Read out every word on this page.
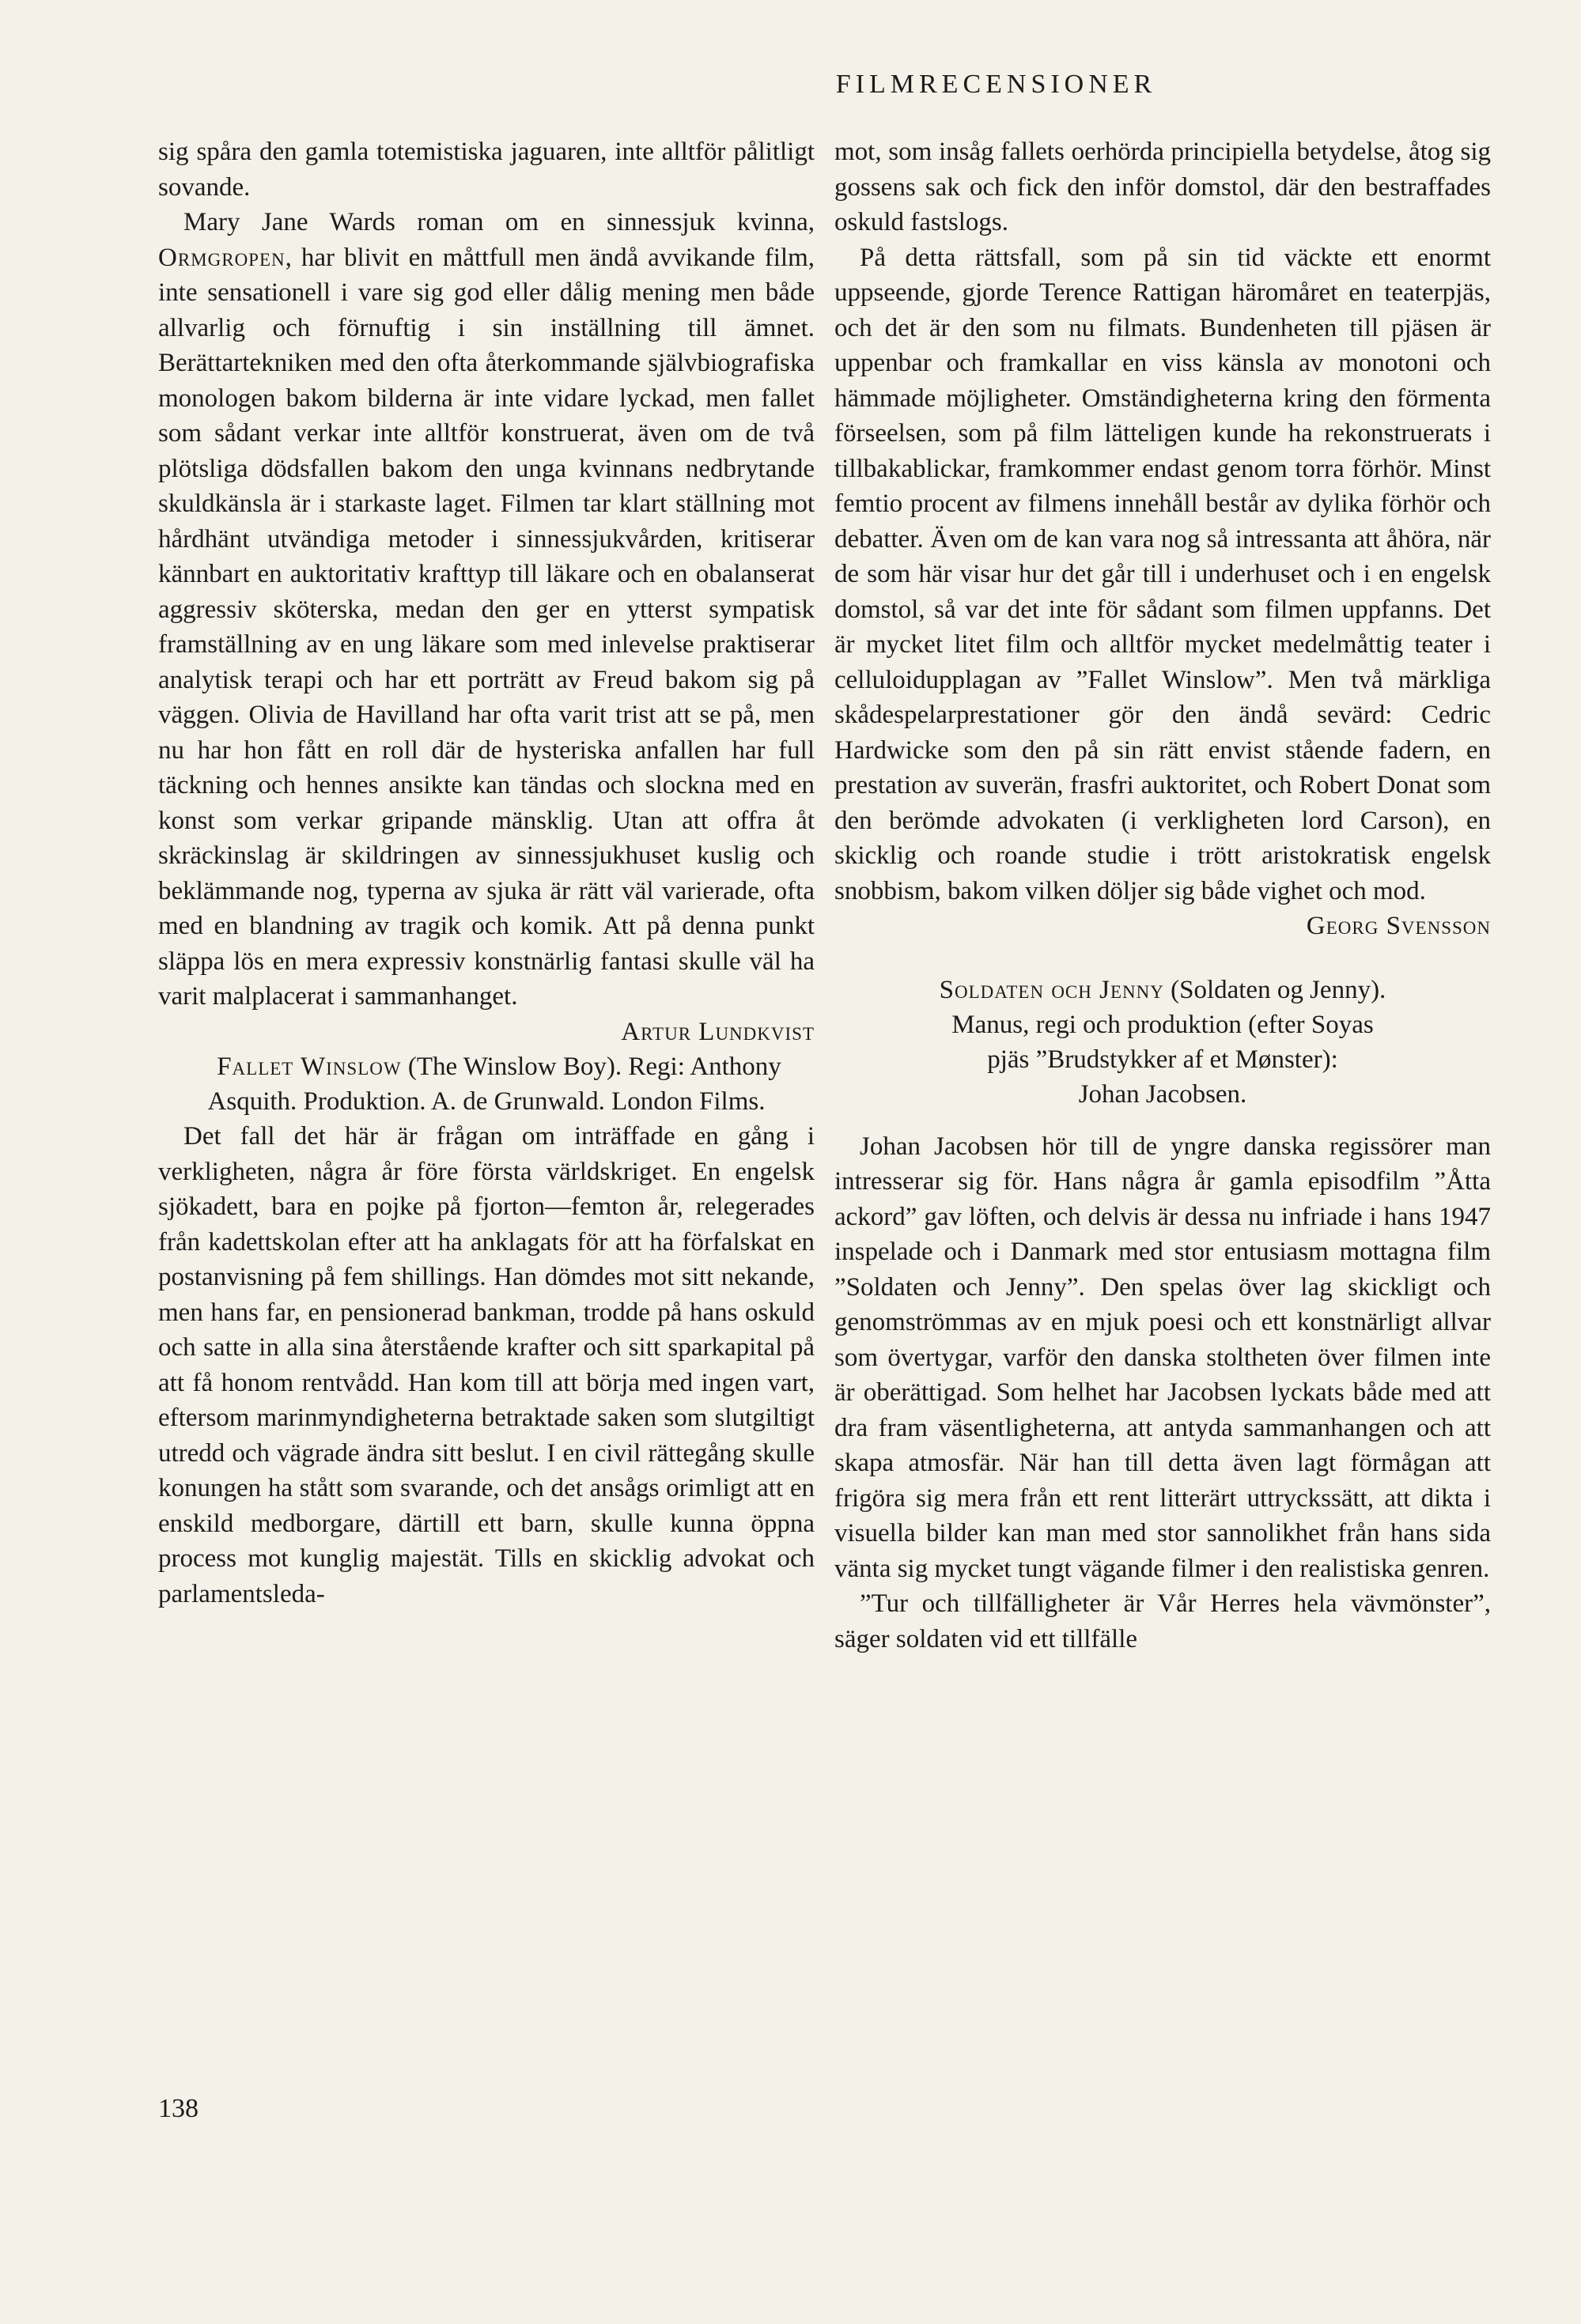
FILMRECENSIONER

sig spåra den gamla totemistiska jaguaren, inte alltför pålitligt sovande.

Mary Jane Wards roman om en sinnessjuk kvinna, Ormgropen, har blivit en måttfull men ändå avvikande film, inte sensationell i vare sig god eller dålig mening men både allvarlig och förnuftig i sin inställning till ämnet. Berättartekniken med den ofta återkommande självbiografiska monologen bakom bilderna är inte vidare lyckad, men fallet som sådant verkar inte alltför konstruerat, även om de två plötsliga dödsfallen bakom den unga kvinnans nedbrytande skuldkänsla är i starkaste laget. Filmen tar klart ställning mot hårdhänt utvändiga metoder i sinnessjukvården, kritiserar kännbart en auktoritativ krafttyp till läkare och en obalanserat aggressiv sköterska, medan den ger en ytterst sympatisk framställning av en ung läkare som med inlevelse praktiserar analytisk terapi och har ett porträtt av Freud bakom sig på väggen. Olivia de Havilland har ofta varit trist att se på, men nu har hon fått en roll där de hysteriska anfallen har full täckning och hennes ansikte kan tändas och slockna med en konst som verkar gripande mänsklig. Utan att offra åt skräckinslag är skildringen av sinnessjukhuset kuslig och beklämmande nog, typerna av sjuka är rätt väl varierade, ofta med en blandning av tragik och komik. Att på denna punkt släppa lös en mera expressiv konstnärlig fantasi skulle väl ha varit malplacerat i sammanhanget.

Artur Lundkvist

Fallet Winslow (The Winslow Boy). Regi: Anthony Asquith. Produktion. A. de Grunwald. London Films.

Det fall det här är frågan om inträffade en gång i verkligheten, några år före första världskriget. En engelsk sjökadett, bara en pojke på fjorton—femton år, relegerades från kadettskolan efter att ha anklagats för att ha förfalskat en postanvisning på fem shillings. Han dömdes mot sitt nekande, men hans far, en pensionerad bankman, trodde på hans oskuld och satte in alla sina återstående krafter och sitt sparkapital på att få honom rentvådd. Han kom till att börja med ingen vart, eftersom marinmyndigheterna betraktade saken som slutgiltigt utredd och vägrade ändra sitt beslut. I en civil rättegång skulle konungen ha stått som svarande, och det ansågs orimligt att en enskild medborgare, därtill ett barn, skulle kunna öppna process mot kunglig majestät. Tills en skicklig advokat och parlamentsleda-

mot, som insåg fallets oerhörda principiella betydelse, åtog sig gossens sak och fick den inför domstol, där den bestraffades oskuld fastslogs.

På detta rättsfall, som på sin tid väckte ett enormt uppseende, gjorde Terence Rattigan häromåret en teaterpjäs, och det är den som nu filmats. Bundenheten till pjäsen är uppenbar och framkallar en viss känsla av monotoni och hämmade möjligheter. Omständigheterna kring den förmenta förseelsen, som på film lätteligen kunde ha rekonstruerats i tillbakablickar, framkommer endast genom torra förhör. Minst femtio procent av filmens innehåll består av dylika förhör och debatter. Även om de kan vara nog så intressanta att åhöra, när de som här visar hur det går till i underhuset och i en engelsk domstol, så var det inte för sådant som filmen uppfanns. Det är mycket litet film och alltför mycket medelmåttig teater i celluloidupplagan av ”Fallet Winslow”. Men två märkliga skådespelarprestationer gör den ändå sevärd: Cedric Hardwicke som den på sin rätt envist stående fadern, en prestation av suverän, frasfri auktoritet, och Robert Donat som den berömde advokaten (i verkligheten lord Carson), en skicklig och roande studie i trött aristokratisk engelsk snobbism, bakom vilken döljer sig både vighet och mod.
Georg Svensson

Soldaten och Jenny (Soldaten og Jenny).
Manus, regi och produktion (efter Soyas
pjäs ”Brudstykker af et Mønster):
Johan Jacobsen.

Johan Jacobsen hör till de yngre danska regissörer man intresserar sig för. Hans några år gamla episodfilm ”Åtta ackord” gav löften, och delvis är dessa nu infriade i hans 1947 inspelade och i Danmark med stor entusiasm mottagna film ”Soldaten och Jenny”. Den spelas över lag skickligt och genomströmmas av en mjuk poesi och ett konstnärligt allvar som övertygar, varför den danska stoltheten över filmen inte är oberättigad. Som helhet har Jacobsen lyckats både med att dra fram väsentligheterna, att antyda sammanhangen och att skapa atmosfär. När han till detta även lagt förmågan att frigöra sig mera från ett rent litterärt uttryckssätt, att dikta i visuella bilder kan man med stor sannolikhet från hans sida vänta sig mycket tungt vägande filmer i den realistiska genren.

”Tur och tillfälligheter är Vår Herres hela vävmönster”, säger soldaten vid ett tillfälle

138
